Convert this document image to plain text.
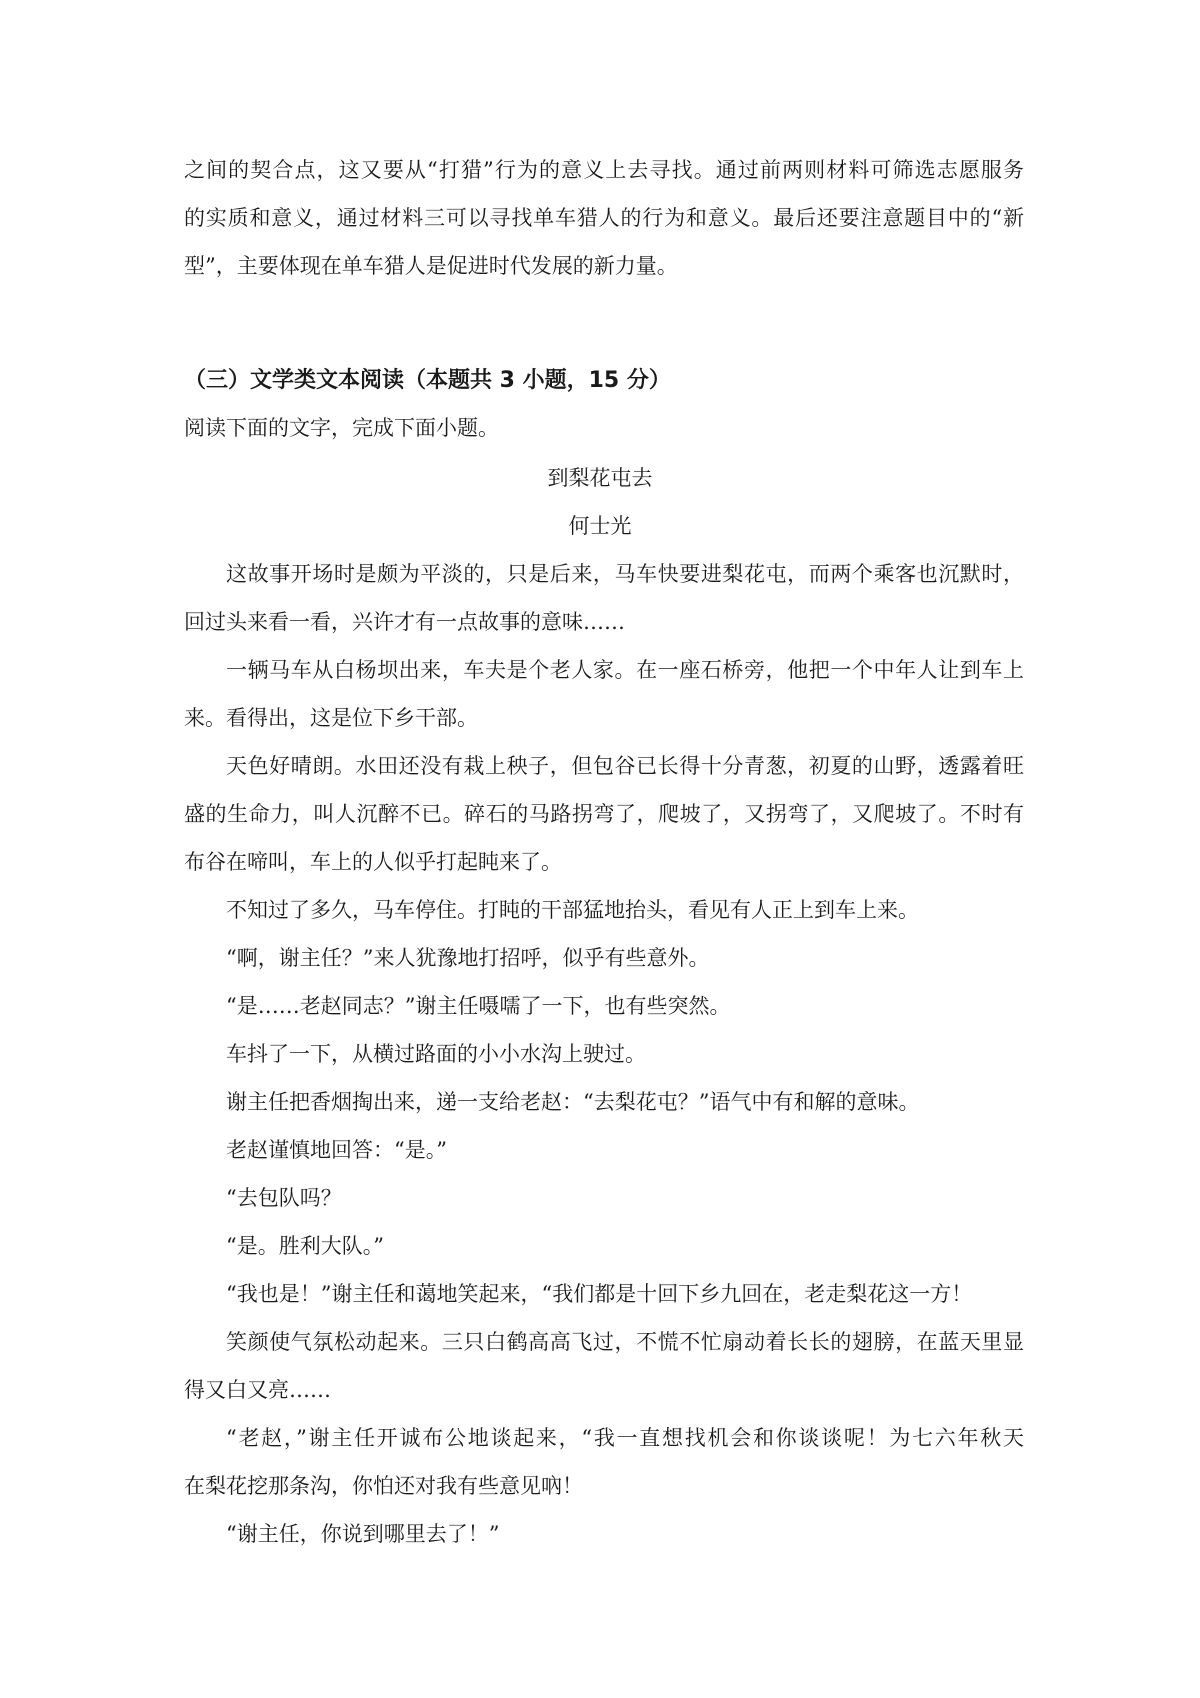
之间的契合点，这又要从“打猎”行为的意义上去寻找。通过前两则材料可筛选志愿服务
的实质和意义，通过材料三可以寻找单车猎人的行为和意义。最后还要注意题目中的“新
型”，主要体现在单车猎人是促进时代发展的新力量。
（三）文学类文本阅读（本题共 3 小题，15 分）
阅读下面的文字，完成下面小题。
到梨花屯去
何士光
这故事开场时是颇为平淡的，只是后来，马车快要进梨花屯，而两个乘客也沉默时，
回过头来看一看，兴许才有一点故事的意味……
一辆马车从白杨坝出来，车夫是个老人家。在一座石桥旁，他把一个中年人让到车上
来。看得出，这是位下乡干部。
天色好晴朗。水田还没有栽上秧子，但包谷已长得十分青葱，初夏的山野，透露着旺
盛的生命力，叫人沉醉不已。碎石的马路拐弯了，爬坡了，又拐弯了，又爬坡了。不时有
布谷在啼叫，车上的人似乎打起盹来了。
不知过了多久，马车停住。打盹的干部猛地抬头，看见有人正上到车上来。
“啊，谢主任？”来人犹豫地打招呼，似乎有些意外。
“是……老赵同志？”谢主任嗫嚅了一下，也有些突然。
车抖了一下，从横过路面的小小水沟上驶过。
谢主任把香烟掏出来，递一支给老赵：“去梨花屯？”语气中有和解的意味。
老赵谨慎地回答：“是。”
“去包队吗？
“是。胜利大队。”
“我也是！”谢主任和蔼地笑起来，“我们都是十回下乡九回在，老走梨花这一方！
笑颜使气氛松动起来。三只白鹤高高飞过，不慌不忙扇动着长长的翅膀，在蓝天里显
得又白又亮……
“老赵，”谢主任开诚布公地谈起来，“我一直想找机会和你谈谈呢！为七六年秋天
在梨花挖那条沟，你怕还对我有些意见吶！
“谢主任，你说到哪里去了！”
